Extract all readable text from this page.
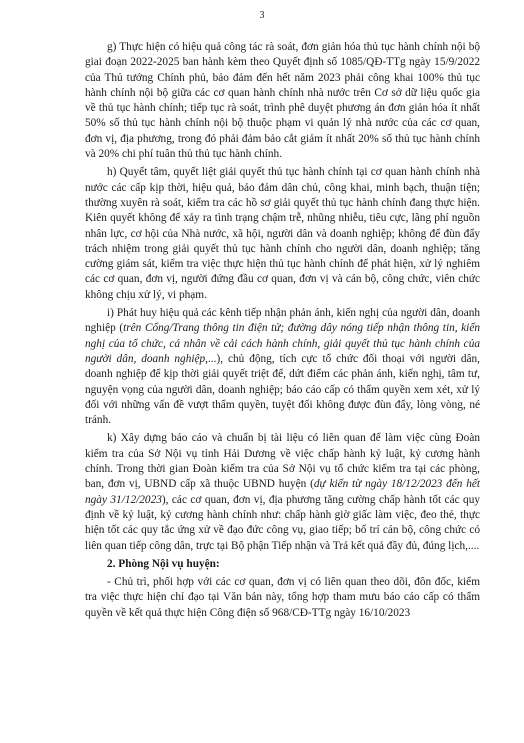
3

g) Thực hiện có hiệu quả công tác rà soát, đơn giản hóa thủ tục hành chính nội bộ giai đoạn 2022-2025 ban hành kèm theo Quyết định số 1085/QĐ-TTg ngày 15/9/2022 của Thủ tướng Chính phủ, bảo đảm đến hết năm 2023 phải công khai 100% thủ tục hành chính nội bộ giữa các cơ quan hành chính nhà nước trên Cơ sở dữ liệu quốc gia về thủ tục hành chính; tiếp tục rà soát, trình phê duyệt phương án đơn giản hóa ít nhất 50% số thủ tục hành chính nội bộ thuộc phạm vi quản lý nhà nước của các cơ quan, đơn vị, địa phương, trong đó phải đảm bảo cắt giảm ít nhất 20% số thủ tục hành chính và 20% chi phí tuân thủ thủ tục hành chính.

h) Quyết tâm, quyết liệt giải quyết thủ tục hành chính tại cơ quan hành chính nhà nước các cấp kịp thời, hiệu quả, bảo đảm dân chủ, công khai, minh bạch, thuận tiện; thường xuyên rà soát, kiểm tra các hồ sơ giải quyết thủ tục hành chính đang thực hiện. Kiên quyết không để xảy ra tình trạng chậm trễ, nhũng nhiễu, tiêu cực, lãng phí nguồn nhân lực, cơ hội của Nhà nước, xã hội, người dân và doanh nghiệp; không để đùn đẩy trách nhiệm trong giải quyết thủ tục hành chính cho người dân, doanh nghiệp; tăng cường giám sát, kiểm tra việc thực hiện thủ tục hành chính để phát hiện, xử lý nghiêm các cơ quan, đơn vị, người đứng đầu cơ quan, đơn vị và cán bộ, công chức, viên chức không chịu xử lý, vi phạm.

i) Phát huy hiệu quả các kênh tiếp nhận phản ánh, kiến nghị của người dân, doanh nghiệp (trên Cổng/Trang thông tin điện tử; đường dây nóng tiếp nhận thông tin, kiến nghị của tổ chức, cá nhân về cải cách hành chính, giải quyết thủ tục hành chính của người dân, doanh nghiệp,...), chủ động, tích cực tổ chức đối thoại với người dân, doanh nghiệp để kịp thời giải quyết triệt để, dứt điểm các phản ánh, kiến nghị, tâm tư, nguyện vọng của người dân, doanh nghiệp; báo cáo cấp có thẩm quyền xem xét, xử lý đối với những vấn đề vượt thẩm quyền, tuyệt đối không được đùn đẩy, lòng vòng, né tránh.

k) Xây dựng báo cáo và chuẩn bị tài liệu có liên quan để làm việc cùng Đoàn kiểm tra của Sở Nội vụ tỉnh Hải Dương về việc chấp hành kỷ luật, kỷ cương hành chính. Trong thời gian Đoàn kiểm tra của Sở Nội vụ tổ chức kiểm tra tại các phòng, ban, đơn vị, UBND cấp xã thuộc UBND huyện (dự kiến từ ngày 18/12/2023 đến hết ngày 31/12/2023), các cơ quan, đơn vị, địa phương tăng cường chấp hành tốt các quy định về kỷ luật, kỷ cương hành chính như: chấp hành giờ giấc làm việc, đeo thẻ, thực hiện tốt các quy tắc ứng xử về đạo đức công vụ, giao tiếp; bố trí cán bộ, công chức có liên quan tiếp công dân, trực tại Bộ phận Tiếp nhận và Trả kết quả đầy đủ, đúng lịch,....

2. Phòng Nội vụ huyện:

- Chủ trì, phối hợp với các cơ quan, đơn vị có liên quan theo dõi, đôn đốc, kiểm tra việc thực hiện chỉ đạo tại Văn bản này, tổng hợp tham mưu báo cáo cấp có thẩm quyền về kết quả thực hiện Công điện số 968/CĐ-TTg ngày 16/10/2023
